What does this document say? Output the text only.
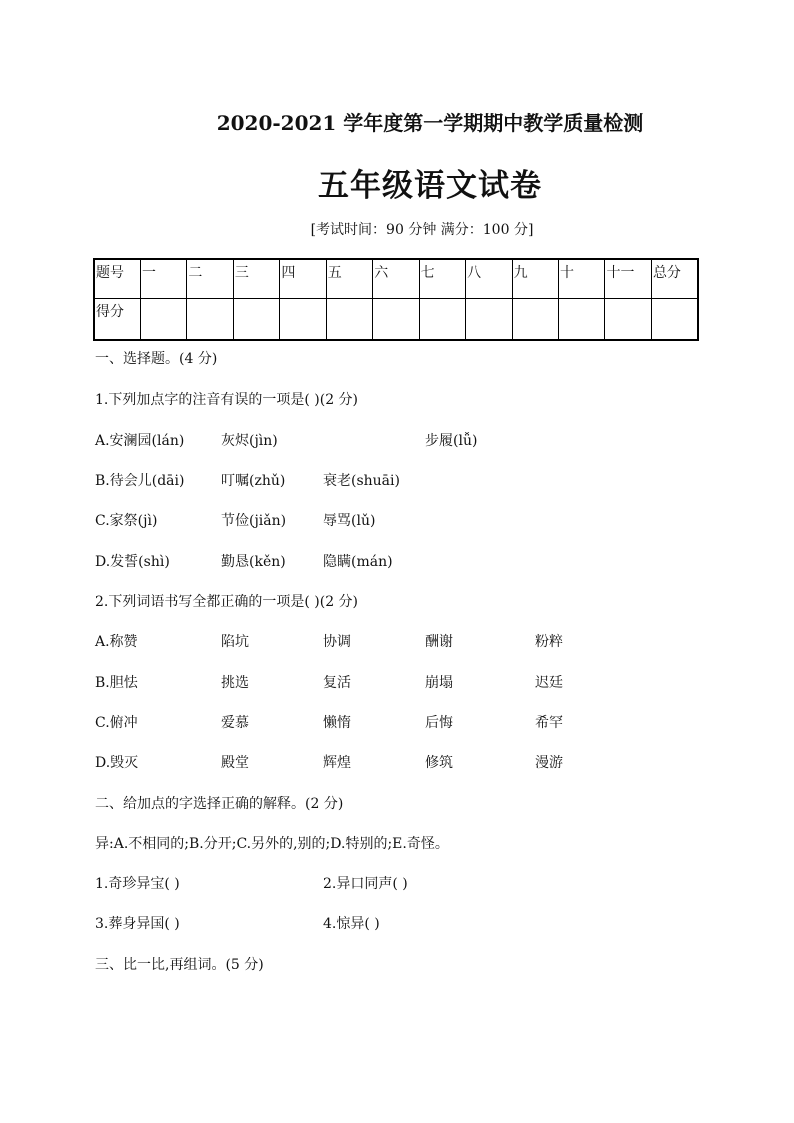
2020-2021 学年度第一学期期中教学质量检测
五年级语文试卷
[考试时间：90 分钟 满分：100 分]
题号	一	二	三	四	五	六	七	八	九	十	十一	总分
得分												
一、选择题。(4 分)
1.下列加点字的注音有误的一项是( )(2 分)
A.安澜园(lán)	灰烬(jìn)	步履(lǚ)
B.待会儿(dāi)	叮嘱(zhǔ)	衰老(shuāi)
C.家祭(jì)	节俭(jiǎn)	辱骂(lǔ)
D.发誓(shì)	勤恳(kěn)	隐瞒(mán)
2.下列词语书写全都正确的一项是( )(2 分)
A.称赞	陷坑	协调	酬谢	粉粹
B.胆怯	挑选	复活	崩塌	迟廷
C.俯冲	爱慕	懒惰	后悔	希罕
D.毁灭	殿堂	辉煌	修筑	漫游
二、给加点的字选择正确的解释。(2 分)
异:A.不相同的;B.分开;C.另外的,别的;D.特别的;E.奇怪。
1.奇珍异宝( )	2.异口同声( )
3.葬身异国( )	4.惊异( )
三、比一比,再组词。(5 分)
